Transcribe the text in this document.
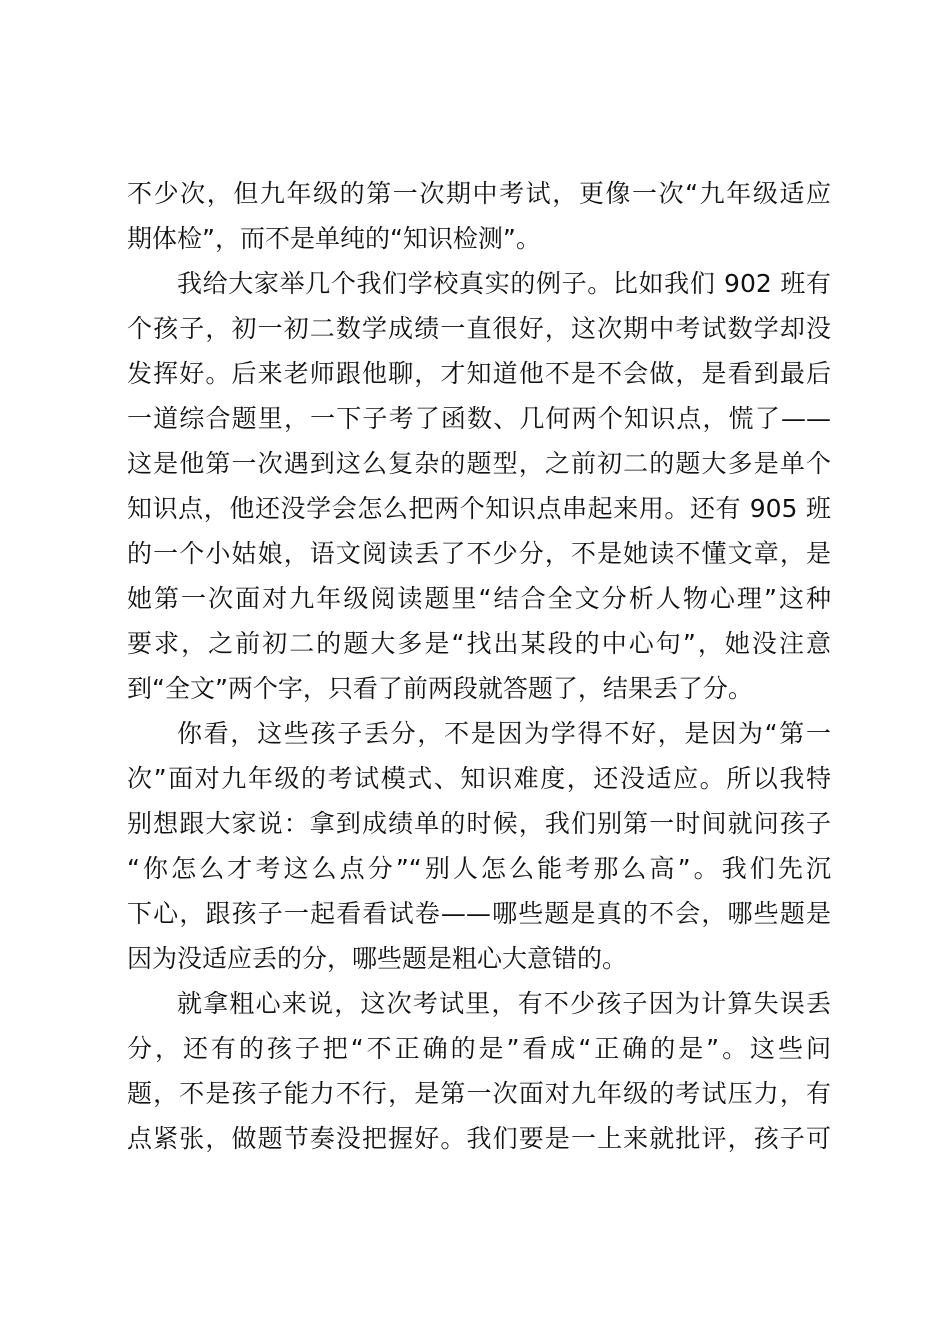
不少次，但九年级的第一次期中考试，更像一次“九年级适应

期体检”，而不是单纯的“知识检测”。

我给大家举几个我们学校真实的例子。比如我们 902 班有

个孩子，初一初二数学成绩一直很好，这次期中考试数学却没

发挥好。后来老师跟他聊，才知道他不是不会做，是看到最后

一道综合题里，一下子考了函数、几何两个知识点，慌了——

这是他第一次遇到这么复杂的题型，之前初二的题大多是单个

知识点，他还没学会怎么把两个知识点串起来用。还有 905 班

的一个小姑娘，语文阅读丢了不少分，不是她读不懂文章，是

她第一次面对九年级阅读题里“结合全文分析人物心理”这种

要求，之前初二的题大多是“找出某段的中心句”，她没注意

到“全文”两个字，只看了前两段就答题了，结果丢了分。

你看，这些孩子丢分，不是因为学得不好，是因为“第一

次”面对九年级的考试模式、知识难度，还没适应。所以我特

别想跟大家说：拿到成绩单的时候，我们别第一时间就问孩子

“你怎么才考这么点分”“别人怎么能考那么高”。我们先沉

下心，跟孩子一起看看试卷——哪些题是真的不会，哪些题是

因为没适应丢的分，哪些题是粗心大意错的。

就拿粗心来说，这次考试里，有不少孩子因为计算失误丢

分，还有的孩子把“不正确的是”看成“正确的是”。这些问

题，不是孩子能力不行，是第一次面对九年级的考试压力，有

点紧张，做题节奏没把握好。我们要是一上来就批评，孩子可
